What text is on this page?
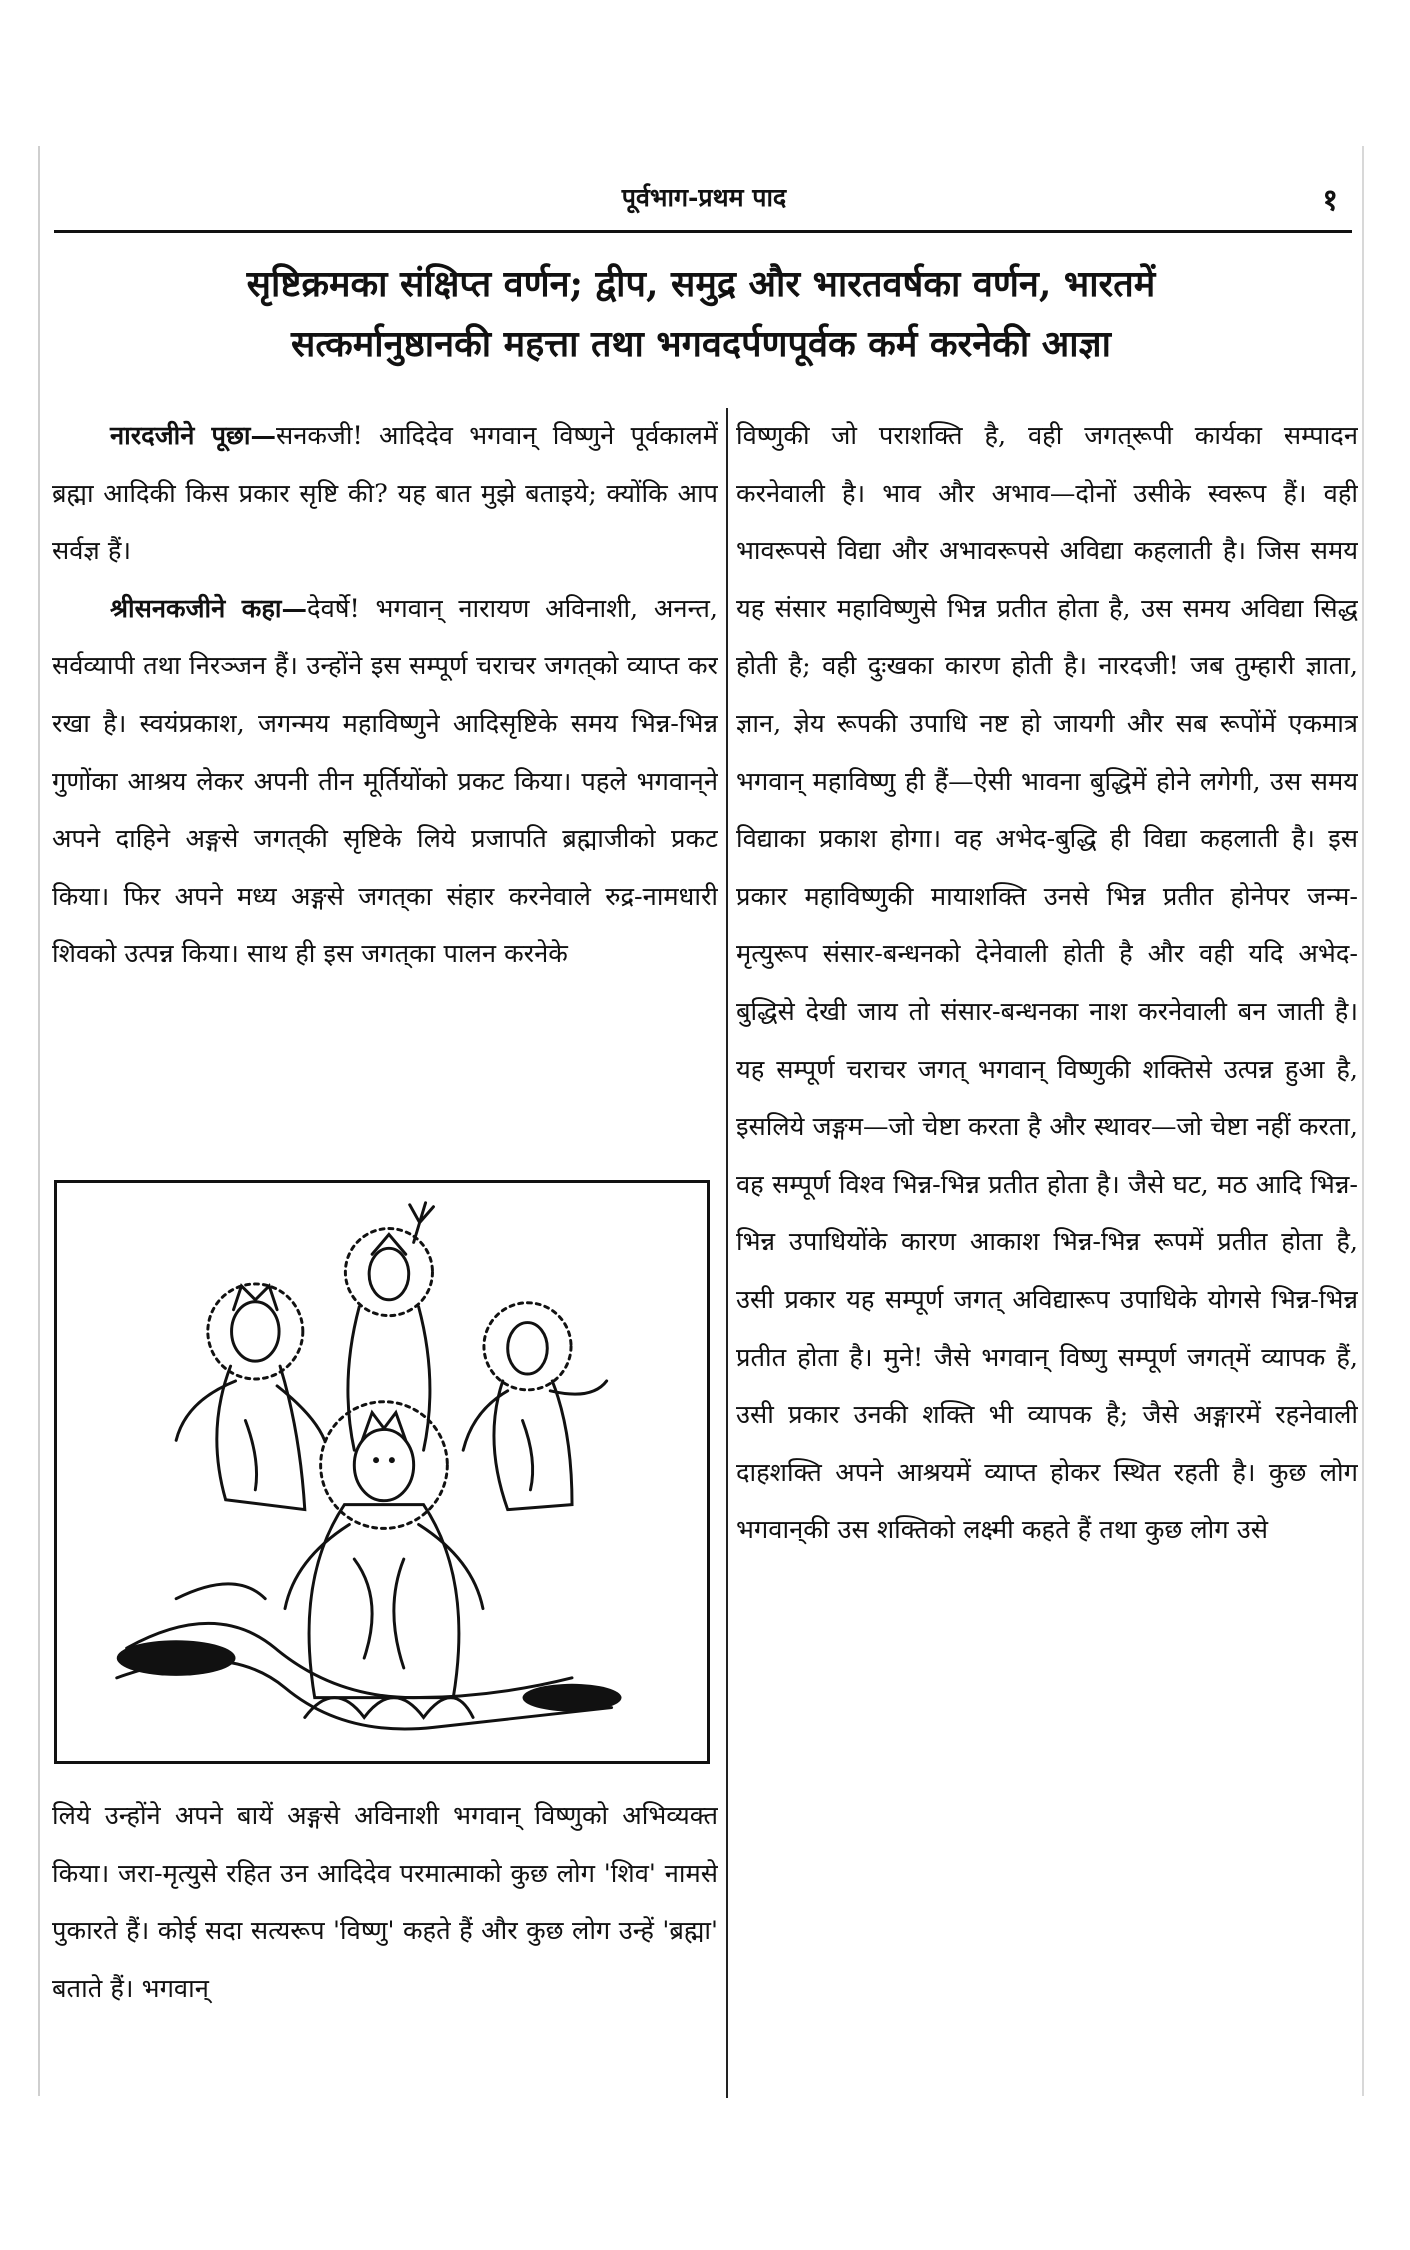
पूर्वभाग-प्रथम पाद	१
सृष्टिक्रमका संक्षिप्त वर्णन; द्वीप, समुद्र और भारतवर्षका वर्णन, भारतमें
सत्कर्मानुष्ठानकी महत्ता तथा भगवदर्पणपूर्वक कर्म करनेकी आज्ञा

नारदजीने पूछा—सनकजी! आदिदेव भगवान् विष्णुने पूर्वकालमें ब्रह्मा आदिकी किस प्रकार सृष्टि की? यह बात मुझे बताइये; क्योंकि आप सर्वज्ञ हैं।

श्रीसनकजीने कहा—देवर्षे! भगवान् नारायण अविनाशी, अनन्त, सर्वव्यापी तथा निरञ्जन हैं। उन्होंने इस सम्पूर्ण चराचर जगत्‌को व्याप्त कर रखा है। स्वयंप्रकाश, जगन्मय महाविष्णुने आदिसृष्टिके समय भिन्न-भिन्न गुणोंका आश्रय लेकर अपनी तीन मूर्तियोंको प्रकट किया। पहले भगवान्‌ने अपने दाहिने अङ्गसे जगत्‌की सृष्टिके लिये प्रजापति ब्रह्माजीको प्रकट किया। फिर अपने मध्य अङ्गसे जगत्‌का संहार करनेवाले रुद्र-नामधारी शिवको उत्पन्न किया। साथ ही इस जगत्‌का पालन करनेके

लिये उन्होंने अपने बायें अङ्गसे अविनाशी भगवान् विष्णुको अभिव्यक्त किया। जरा-मृत्युसे रहित उन आदिदेव परमात्माको कुछ लोग 'शिव' नामसे पुकारते हैं। कोई सदा सत्यरूप 'विष्णु' कहते हैं और कुछ लोग उन्हें 'ब्रह्मा' बताते हैं। भगवान्

विष्णुकी जो पराशक्ति है, वही जगत्‌रूपी कार्यका सम्पादन करनेवाली है। भाव और अभाव—दोनों उसीके स्वरूप हैं। वही भावरूपसे विद्या और अभावरूपसे अविद्या कहलाती है। जिस समय यह संसार महाविष्णुसे भिन्न प्रतीत होता है, उस समय अविद्या सिद्ध होती है; वही दुःखका कारण होती है। नारदजी! जब तुम्हारी ज्ञाता, ज्ञान, ज्ञेय रूपकी उपाधि नष्ट हो जायगी और सब रूपोंमें एकमात्र भगवान् महाविष्णु ही हैं—ऐसी भावना बुद्धिमें होने लगेगी, उस समय विद्याका प्रकाश होगा। वह अभेद-बुद्धि ही विद्या कहलाती है। इस प्रकार महाविष्णुकी मायाशक्ति उनसे भिन्न प्रतीत होनेपर जन्म-मृत्युरूप संसार-बन्धनको देनेवाली होती है और वही यदि अभेद-बुद्धिसे देखी जाय तो संसार-बन्धनका नाश करनेवाली बन जाती है। यह सम्पूर्ण चराचर जगत् भगवान् विष्णुकी शक्तिसे उत्पन्न हुआ है, इसलिये जङ्गम—जो चेष्टा करता है और स्थावर—जो चेष्टा नहीं करता, वह सम्पूर्ण विश्व भिन्न-भिन्न प्रतीत होता है। जैसे घट, मठ आदि भिन्न-भिन्न उपाधियोंके कारण आकाश भिन्न-भिन्न रूपमें प्रतीत होता है, उसी प्रकार यह सम्पूर्ण जगत् अविद्यारूप उपाधिके योगसे भिन्न-भिन्न प्रतीत होता है। मुने! जैसे भगवान् विष्णु सम्पूर्ण जगत्‌में व्यापक हैं, उसी प्रकार उनकी शक्ति भी व्यापक है; जैसे अङ्गारमें रहनेवाली दाहशक्ति अपने आश्रयमें व्याप्त होकर स्थित रहती है। कुछ लोग भगवान्‌की उस शक्तिको लक्ष्मी कहते हैं तथा कुछ लोग उसे
